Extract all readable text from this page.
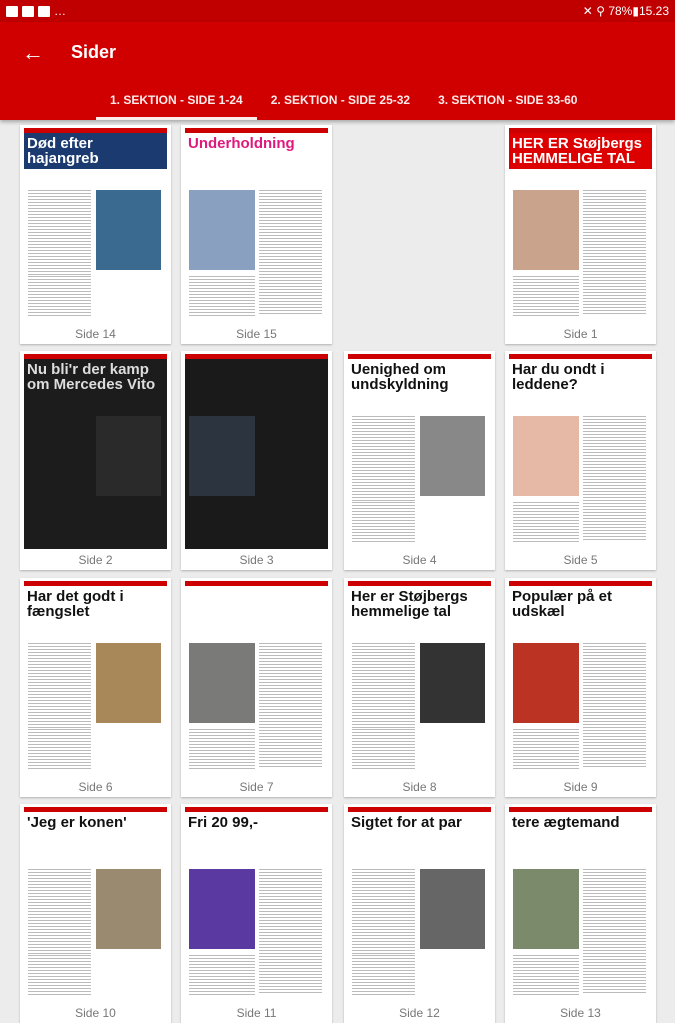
…	✕ ⚲ 78%▮15.23
← Sider
1. SEKTION - SIDE 1-24	2. SEKTION - SIDE 25-32	3. SEKTION - SIDE 33-60
HER ER Støjbergs HEMMELIGE TAL
Side 1
Nu bli'r der kamp om Mercedes Vito
Side 2	Side 3
Uenighed om undskyldning
Side 4
Har du ondt i leddene?
Side 5
Har det godt i fængslet
Side 6	Side 7
Her er Støjbergs hemmelige tal
Side 8
Populær på et udskæl
Side 9
'Jeg er konen'
Side 10
Fri 20 99,-
Side 11
Sigtet for at par
Side 12
tere ægtemand
Side 13
Død efter hajangreb
Side 14
Underholdning
Side 15
